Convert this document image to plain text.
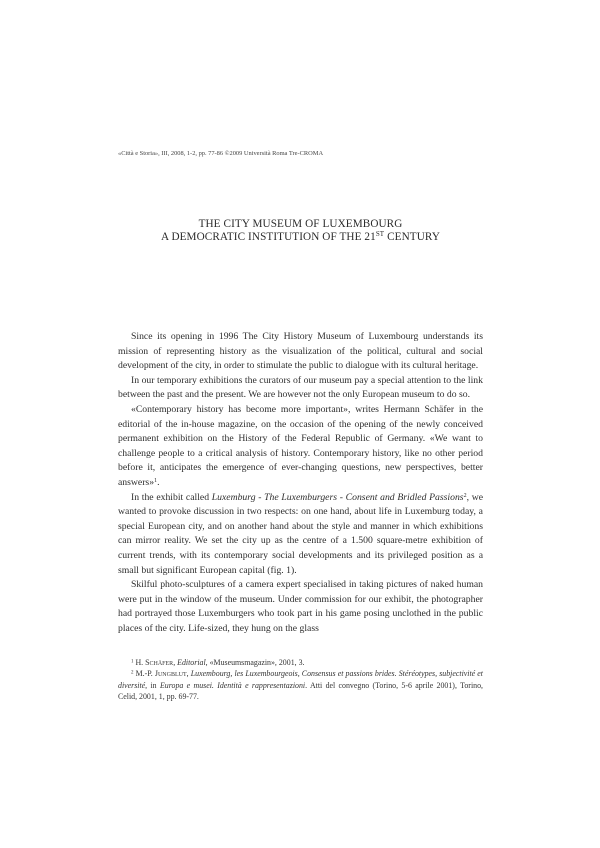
«Città e Storia», III, 2008, 1-2, pp. 77-86 ©2009 Università Roma Tre-CROMA
THE CITY MUSEUM OF LUXEMBOURG
A DEMOCRATIC INSTITUTION OF THE 21ST CENTURY

Since its opening in 1996 The City History Museum of Luxembourg understands its mission of representing history as the visualization of the political, cultural and social development of the city, in order to stimulate the public to dialogue with its cultural heritage.

In our temporary exhibitions the curators of our museum pay a special attention to the link between the past and the present. We are however not the only European museum to do so.

«Contemporary history has become more important», writes Hermann Schäfer in the editorial of the in-house magazine, on the occasion of the opening of the newly conceived permanent exhibition on the History of the Federal Republic of Germany. «We want to challenge people to a critical analysis of history. Contemporary history, like no other period before it, anticipates the emergence of ever-changing questions, new perspectives, better answers»$^1$.

In the exhibit called Luxemburg - The Luxemburgers - Consent and Bridled Passions$^2$, we wanted to provoke discussion in two respects: on one hand, about life in Luxemburg today, a special European city, and on another hand about the style and manner in which exhibitions can mirror reality. We set the city up as the centre of a 1.500 square-metre exhibition of current trends, with its contemporary social developments and its privileged position as a small but significant European capital (fig. 1).

Skilful photo-sculptures of a camera expert specialised in taking pictures of naked human were put in the window of the museum. Under commission for our exhibit, the photographer had portrayed those Luxemburgers who took part in his game posing unclothed in the public places of the city. Life-sized, they hung on the glass

$^1$ H. Schäfer, Editorial, «Museumsmagazin», 2001, 3.

$^2$ M.-P. Jungblut, Luxembourg, les Luxembourgeois, Consensus et passions brides. Stéréotypes, subjectivité et diversité, in Europa e musei. Identità e rappresentazioni. Atti del convegno (Torino, 5-6 aprile 2001), Torino, Celid, 2001, 1, pp. 69-77.
